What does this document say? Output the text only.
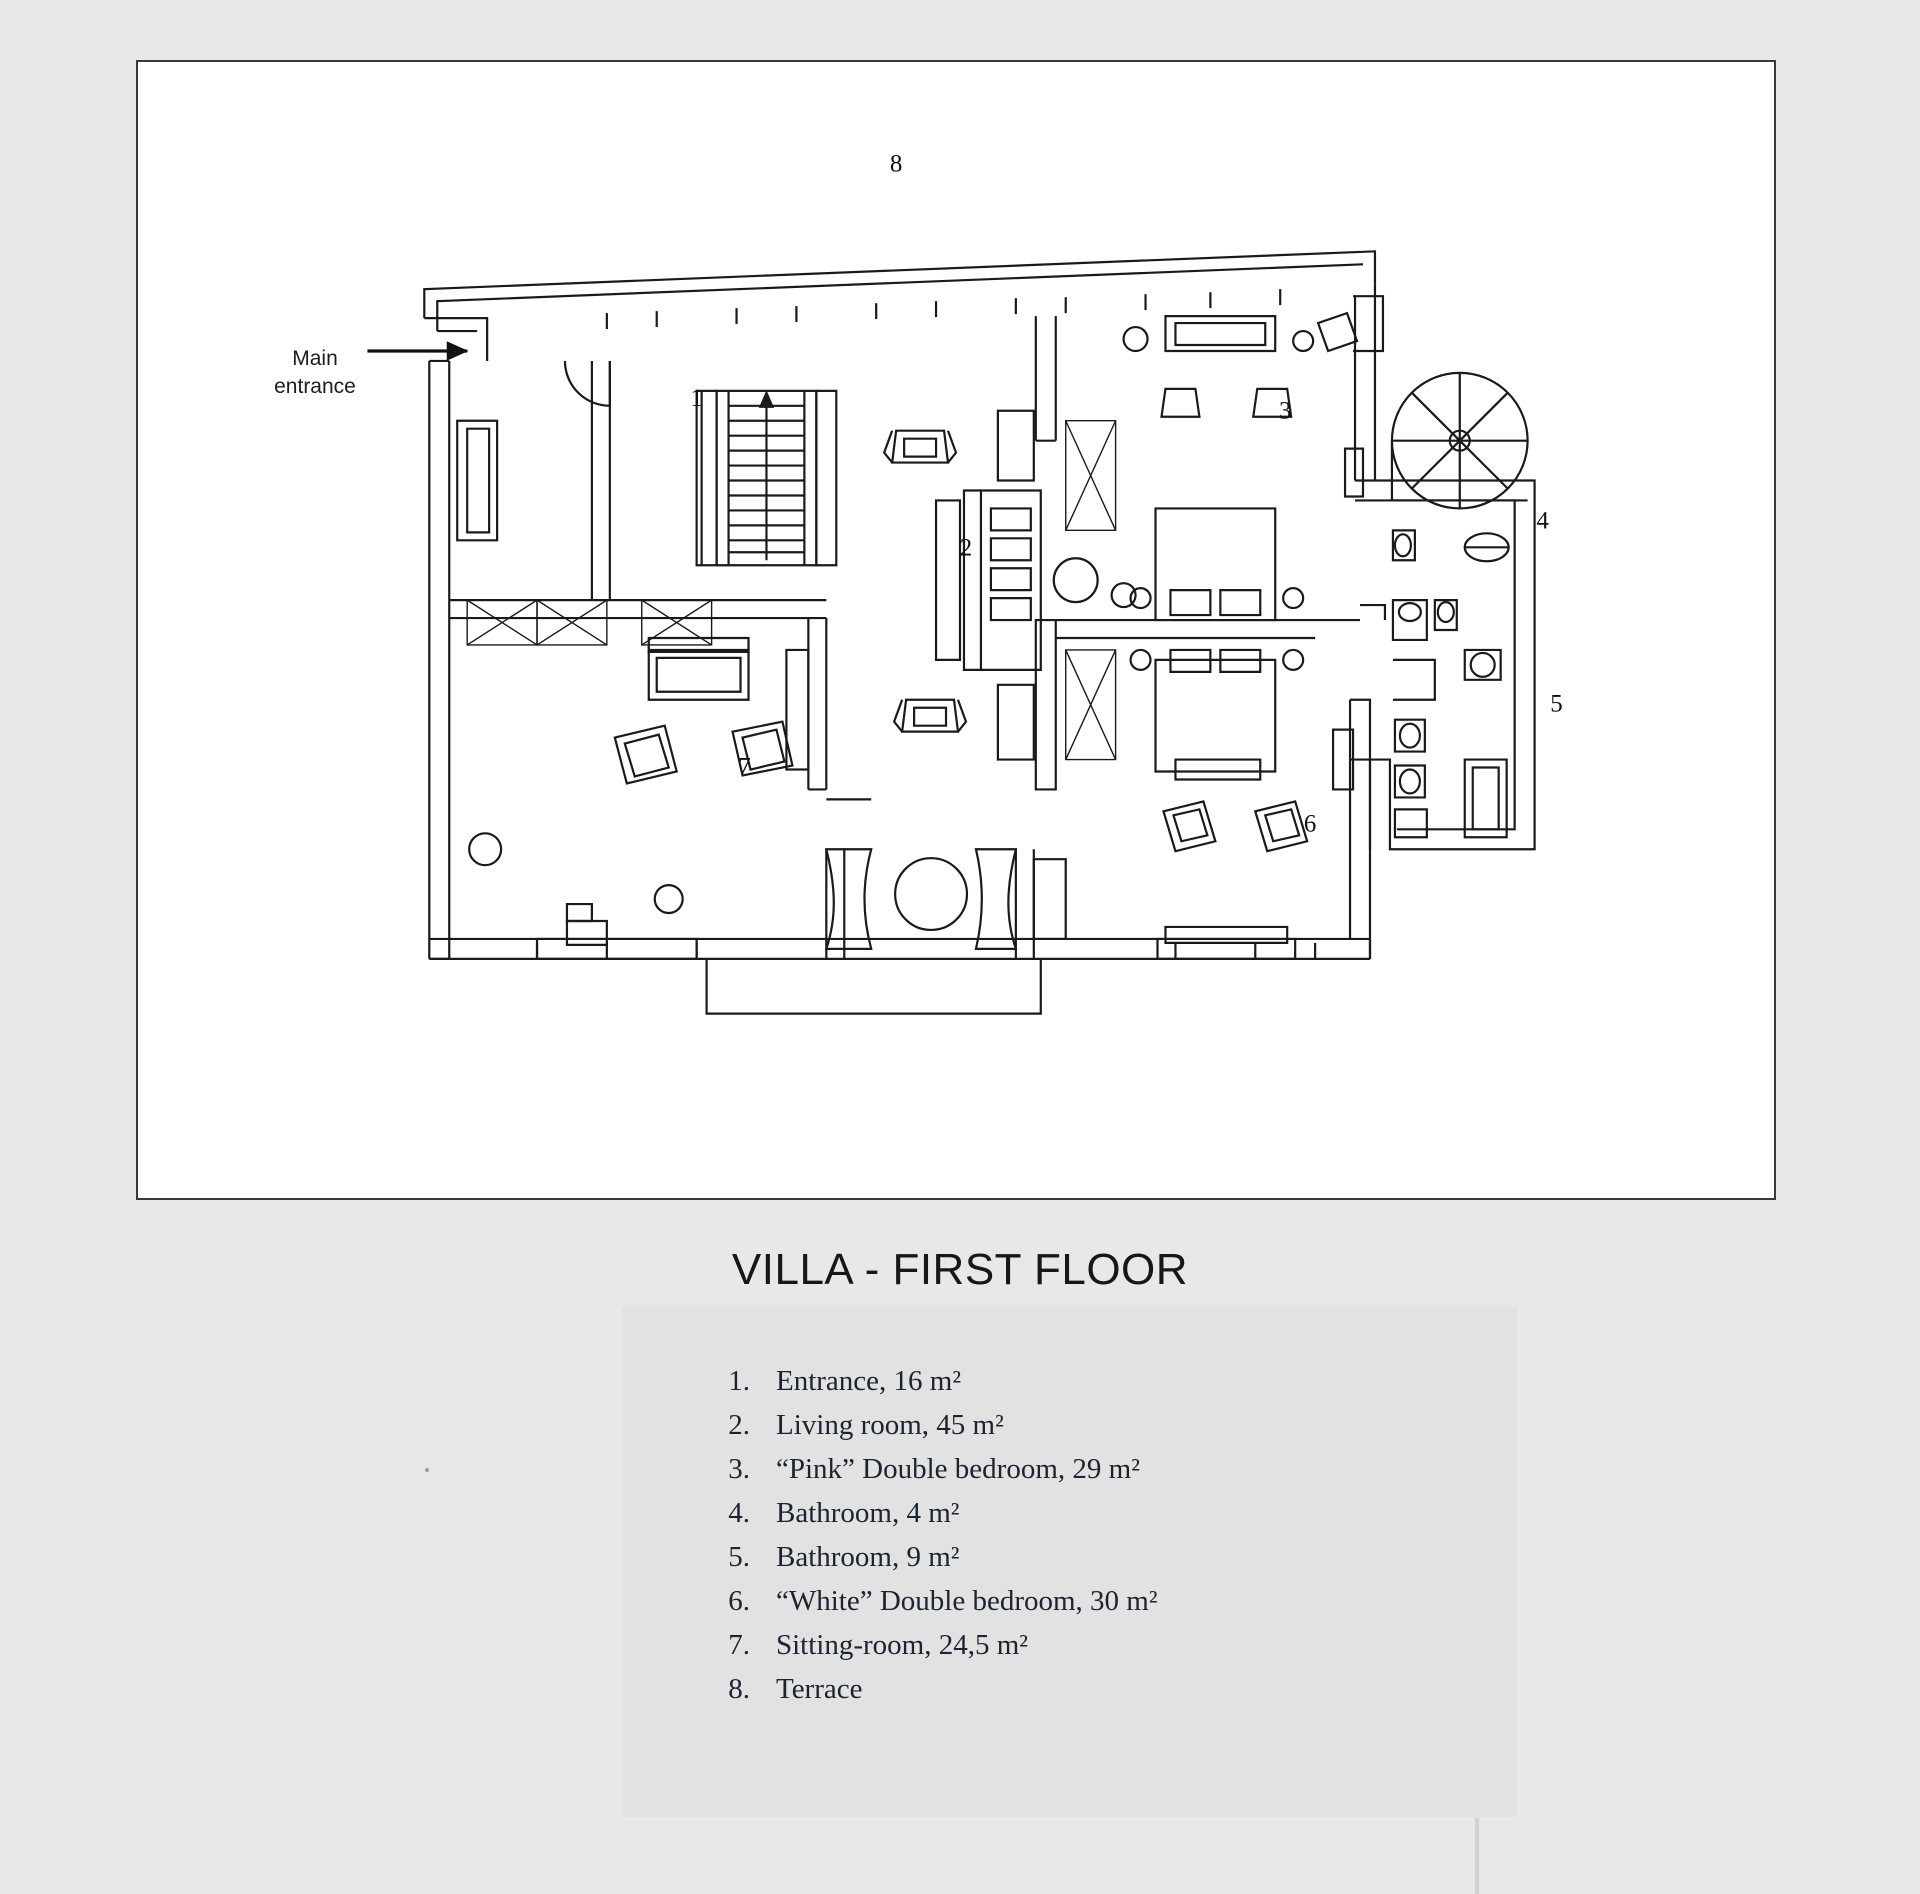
1
2
3
4
5
6
7
8
Main
entrance
VILLA - FIRST FLOOR
1. Entrance, 16 m²
2. Living room, 45 m²
3. “Pink” Double bedroom, 29 m²
4. Bathroom, 4 m²
5. Bathroom, 9 m²
6. “White” Double bedroom, 30 m²
7. Sitting-room, 24,5 m²
8. Terrace
